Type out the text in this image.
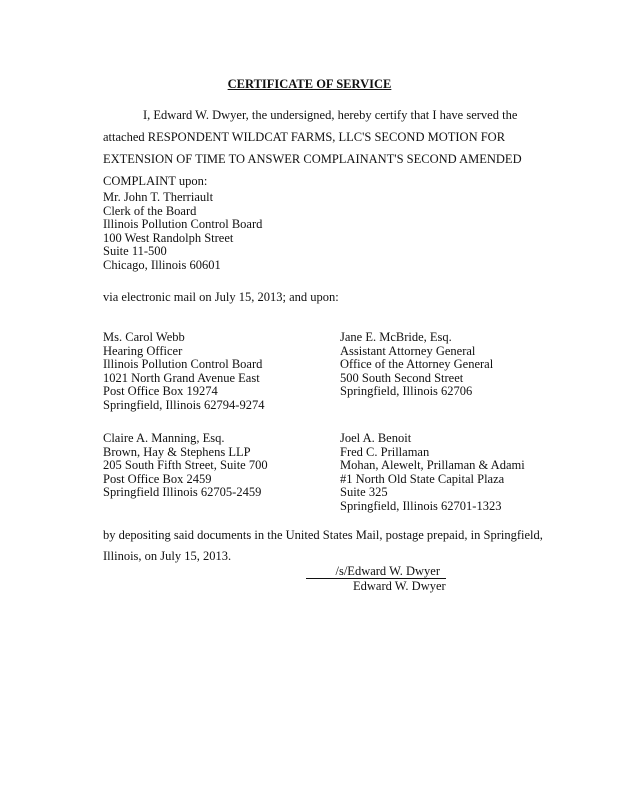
CERTIFICATE OF SERVICE
I, Edward W. Dwyer, the undersigned, hereby certify that I have served the
attached RESPONDENT WILDCAT FARMS, LLC'S SECOND MOTION FOR
EXTENSION OF TIME TO ANSWER COMPLAINANT'S SECOND AMENDED
COMPLAINT upon:
Mr. John T. Therriault
Clerk of the Board
Illinois Pollution Control Board
100 West Randolph Street
Suite 11-500
Chicago, Illinois 60601
via electronic mail on July 15, 2013; and upon:
Ms. Carol Webb
Hearing Officer
Illinois Pollution Control Board
1021 North Grand Avenue East
Post Office Box 19274
Springfield, Illinois 62794-9274
Jane E. McBride, Esq.
Assistant Attorney General
Office of the Attorney General
500 South Second Street
Springfield, Illinois 62706
Claire A. Manning, Esq.
Brown, Hay & Stephens LLP
205 South Fifth Street, Suite 700
Post Office Box 2459
Springfield Illinois 62705-2459
Joel A. Benoit
Fred C. Prillaman
Mohan, Alewelt, Prillaman & Adami
#1 North Old State Capital Plaza
Suite 325
Springfield, Illinois 62701-1323
by depositing said documents in the United States Mail, postage prepaid, in Springfield,
Illinois, on July 15, 2013.
/s/Edward W. Dwyer
Edward W. Dwyer
